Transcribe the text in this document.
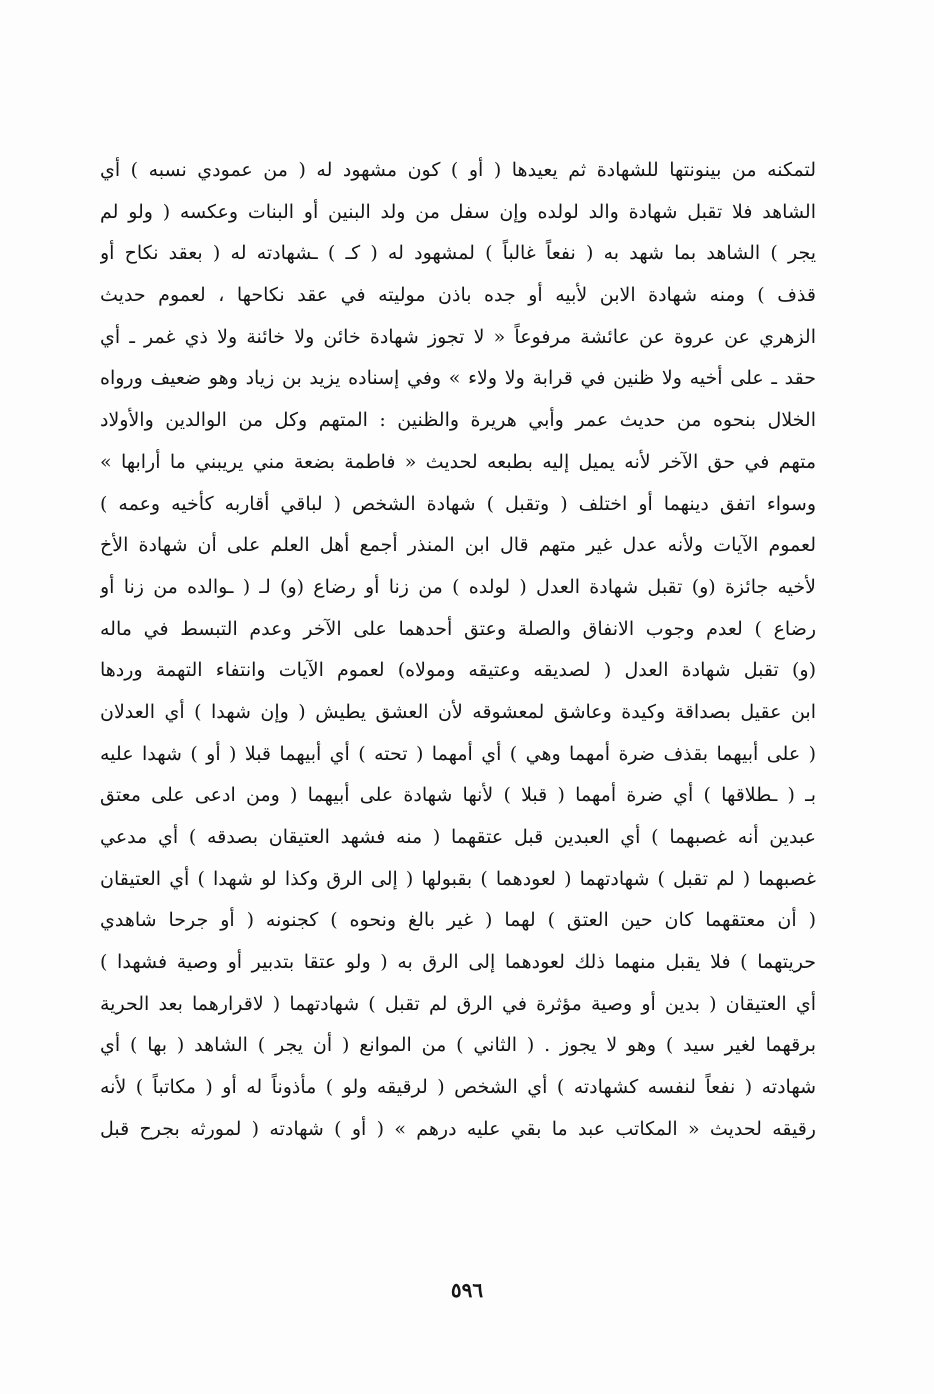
لتمكنه من بينونتها للشهادة ثم يعيدها ( أو ) كون مشهود له ( من عمودي نسبه ) أي
الشاهد فلا تقبل شهادة والد لولده وإن سفل من ولد البنين أو البنات وعكسه ( ولو لم
يجر ) الشاهد بما شهد به ( نفعاً غالباً ) لمشهود له ( كـ ) ـشهادته له ( بعقد نكاح أو
قذف ) ومنه شهادة الابن لأبيه أو جده باذن موليته في عقد نكاحها ، لعموم حديث
الزهري عن عروة عن عائشة مرفوعاً « لا تجوز شهادة خائن ولا خائنة ولا ذي غمر ـ أي
حقد ـ على أخيه ولا ظنين في قرابة ولا ولاء » وفي إسناده يزيد بن زياد وهو ضعيف ورواه
الخلال بنحوه من حديث عمر وأبي هريرة والظنين : المتهم وكل من الوالدين والأولاد
متهم في حق الآخر لأنه يميل إليه بطبعه لحديث « فاطمة بضعة مني يريبني ما أرابها »
وسواء اتفق دينهما أو اختلف ( وتقبل ) شهادة الشخص ( لباقي أقاربه كأخيه وعمه )
لعموم الآيات ولأنه عدل غير متهم قال ابن المنذر أجمع أهل العلم على أن شهادة الأخ
لأخيه جائزة (و) تقبل شهادة العدل ( لولده ) من زنا أو رضاع (و) لـ ( ـوالده من زنا أو
رضاع ) لعدم وجوب الانفاق والصلة وعتق أحدهما على الآخر وعدم التبسط في ماله
(و) تقبل شهادة العدل ( لصديقه وعتيقه ومولاه) لعموم الآيات وانتفاء التهمة وردها
ابن عقيل بصداقة وكيدة وعاشق لمعشوقه لأن العشق يطيش ( وإن شهدا ) أي العدلان
( على أبيهما بقذف ضرة أمهما وهي ) أي أمهما ( تحته ) أي أبيهما قبلا ( أو ) شهدا عليه
بـ ( ـطلاقها ) أي ضرة أمهما ( قبلا ) لأنها شهادة على أبيهما ( ومن ادعى على معتق
عبدين أنه غصبهما ) أي العبدين قبل عتقهما ( منه فشهد العتيقان بصدقه ) أي مدعي
غصبهما ( لم تقبل ) شهادتهما ( لعودهما ) بقبولها ( إلى الرق وكذا لو شهدا ) أي العتيقان
( أن معتقهما كان حين العتق ) لهما ( غير بالغ ونحوه ) كجنونه ( أو جرحا شاهدي
حريتهما ) فلا يقبل منهما ذلك لعودهما إلى الرق به ( ولو عتقا بتدبير أو وصية فشهدا )
أي العتيقان ( بدين أو وصية مؤثرة في الرق لم تقبل ) شهادتهما ( لاقرارهما بعد الحرية
برقهما لغير سيد ) وهو لا يجوز . ( الثاني ) من الموانع ( أن يجر ) الشاهد ( بها ) أي
شهادته ( نفعاً لنفسه كشهادته ) أي الشخص ( لرقيقه ولو ) مأذوناً له أو ( مكاتباً ) لأنه
رقيقه لحديث « المكاتب عبد ما بقي عليه درهم » ( أو ) شهادته ( لمورثه بجرح قبل
٥٩٦
